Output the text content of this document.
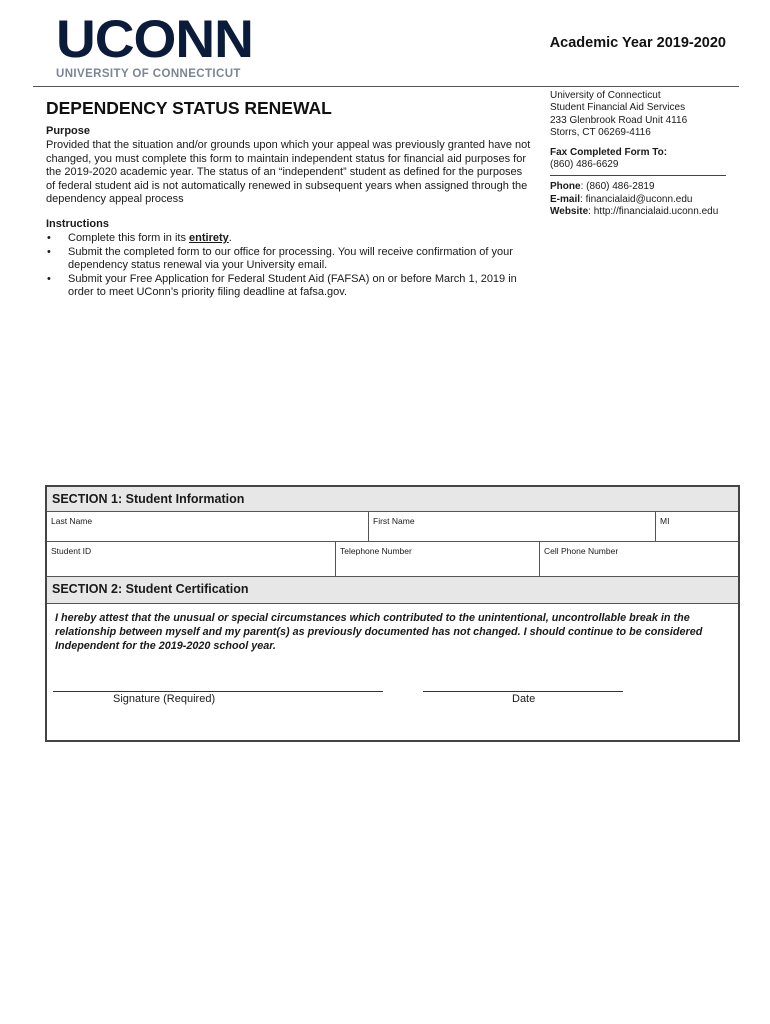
UCONN
UNIVERSITY OF CONNECTICUT
Academic Year 2019-2020
DEPENDENCY STATUS RENEWAL
Purpose
Provided that the situation and/or grounds upon which your appeal was previously granted have not changed, you must complete this form to maintain independent status for financial aid purposes for the 2019-2020 academic year. The status of an “independent” student as defined for the purposes of federal student aid is not automatically renewed in subsequent years when assigned through the dependency appeal process
Instructions
• Complete this form in its entirety.
• Submit the completed form to our office for processing. You will receive confirmation of your dependency status renewal via your University email.
• Submit your Free Application for Federal Student Aid (FAFSA) on or before March 1, 2019 in order to meet UConn’s priority filing deadline at fafsa.gov.
University of Connecticut
Student Financial Aid Services
233 Glenbrook Road Unit 4116
Storrs, CT 06269-4116
Fax Completed Form To:
(860) 486-6629
Phone: (860) 486-2819
E-mail: financialaid@uconn.edu
Website: http://financialaid.uconn.edu
SECTION 1: Student Information
Last Name	First Name	MI
Student ID	Telephone Number	Cell Phone Number
SECTION 2: Student Certification
I hereby attest that the unusual or special circumstances which contributed to the unintentional, uncontrollable break in the relationship between myself and my parent(s) as previously documented has not changed. I should continue to be considered Independent for the 2019-2020 school year.
Signature (Required)	Date
